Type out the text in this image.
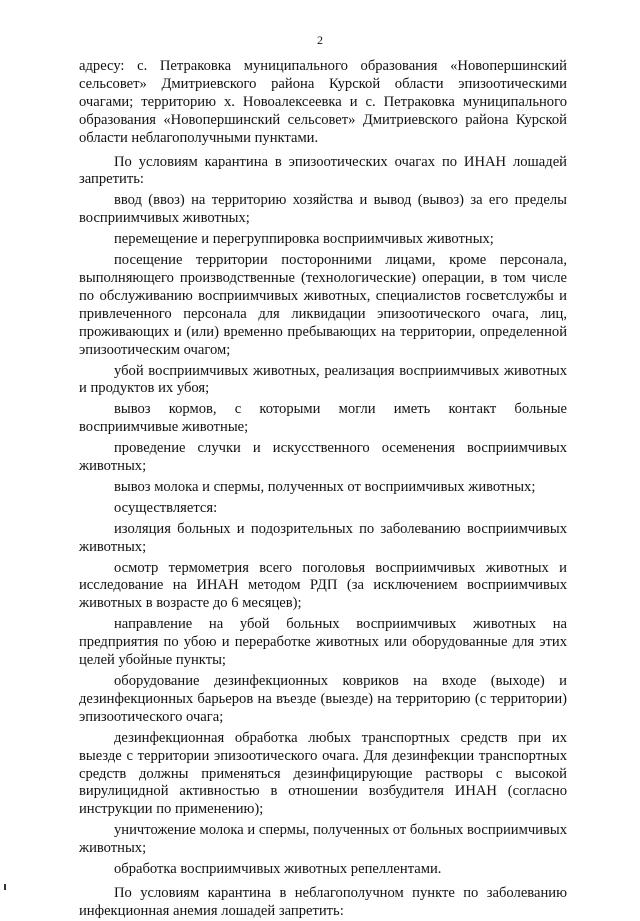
2

адресу: с. Петраковка муниципального образования «Новопершинский сельсовет» Дмитриевского района Курской области эпизоотическими очагами; территорию х. Новоалексеевка и с. Петраковка муниципального образования «Новопершинский сельсовет» Дмитриевского района Курской области неблагополучными пунктами.

По условиям карантина в эпизоотических очагах по ИНАН лошадей запретить:

ввод (ввоз) на территорию хозяйства и вывод (вывоз) за его пределы восприимчивых животных;

перемещение и перегруппировка восприимчивых животных;

посещение территории посторонними лицами, кроме персонала, выполняющего производственные (технологические) операции, в том числе по обслуживанию восприимчивых животных, специалистов госветслужбы и привлеченного персонала для ликвидации эпизоотического очага, лиц, проживающих и (или) временно пребывающих на территории, определенной эпизоотическим очагом;

убой восприимчивых животных, реализация восприимчивых животных и продуктов их убоя;

вывоз кормов, с которыми могли иметь контакт больные восприимчивые животные;

проведение случки и искусственного осеменения восприимчивых животных;

вывоз молока и спермы, полученных от восприимчивых животных;

осуществляется:

изоляция больных и подозрительных по заболеванию восприимчивых животных;

осмотр термометрия всего поголовья восприимчивых животных и исследование на ИНАН методом РДП (за исключением восприимчивых животных в возрасте до 6 месяцев);

направление на убой больных восприимчивых животных на предприятия по убою и переработке животных или оборудованные для этих целей убойные пункты;

оборудование дезинфекционных ковриков на входе (выходе) и дезинфекционных барьеров на въезде (выезде) на территорию (с территории) эпизоотического очага;

дезинфекционная обработка любых транспортных средств при их выезде с территории эпизоотического очага. Для дезинфекции транспортных средств должны применяться дезинфицирующие растворы с высокой вирулицидной активностью в отношении возбудителя ИНАН (согласно инструкции по применению);

уничтожение молока и спермы, полученных от больных восприимчивых животных;

обработка восприимчивых животных репеллентами.

По условиям карантина в неблагополучном пункте по заболеванию инфекционная анемия лошадей запретить:
